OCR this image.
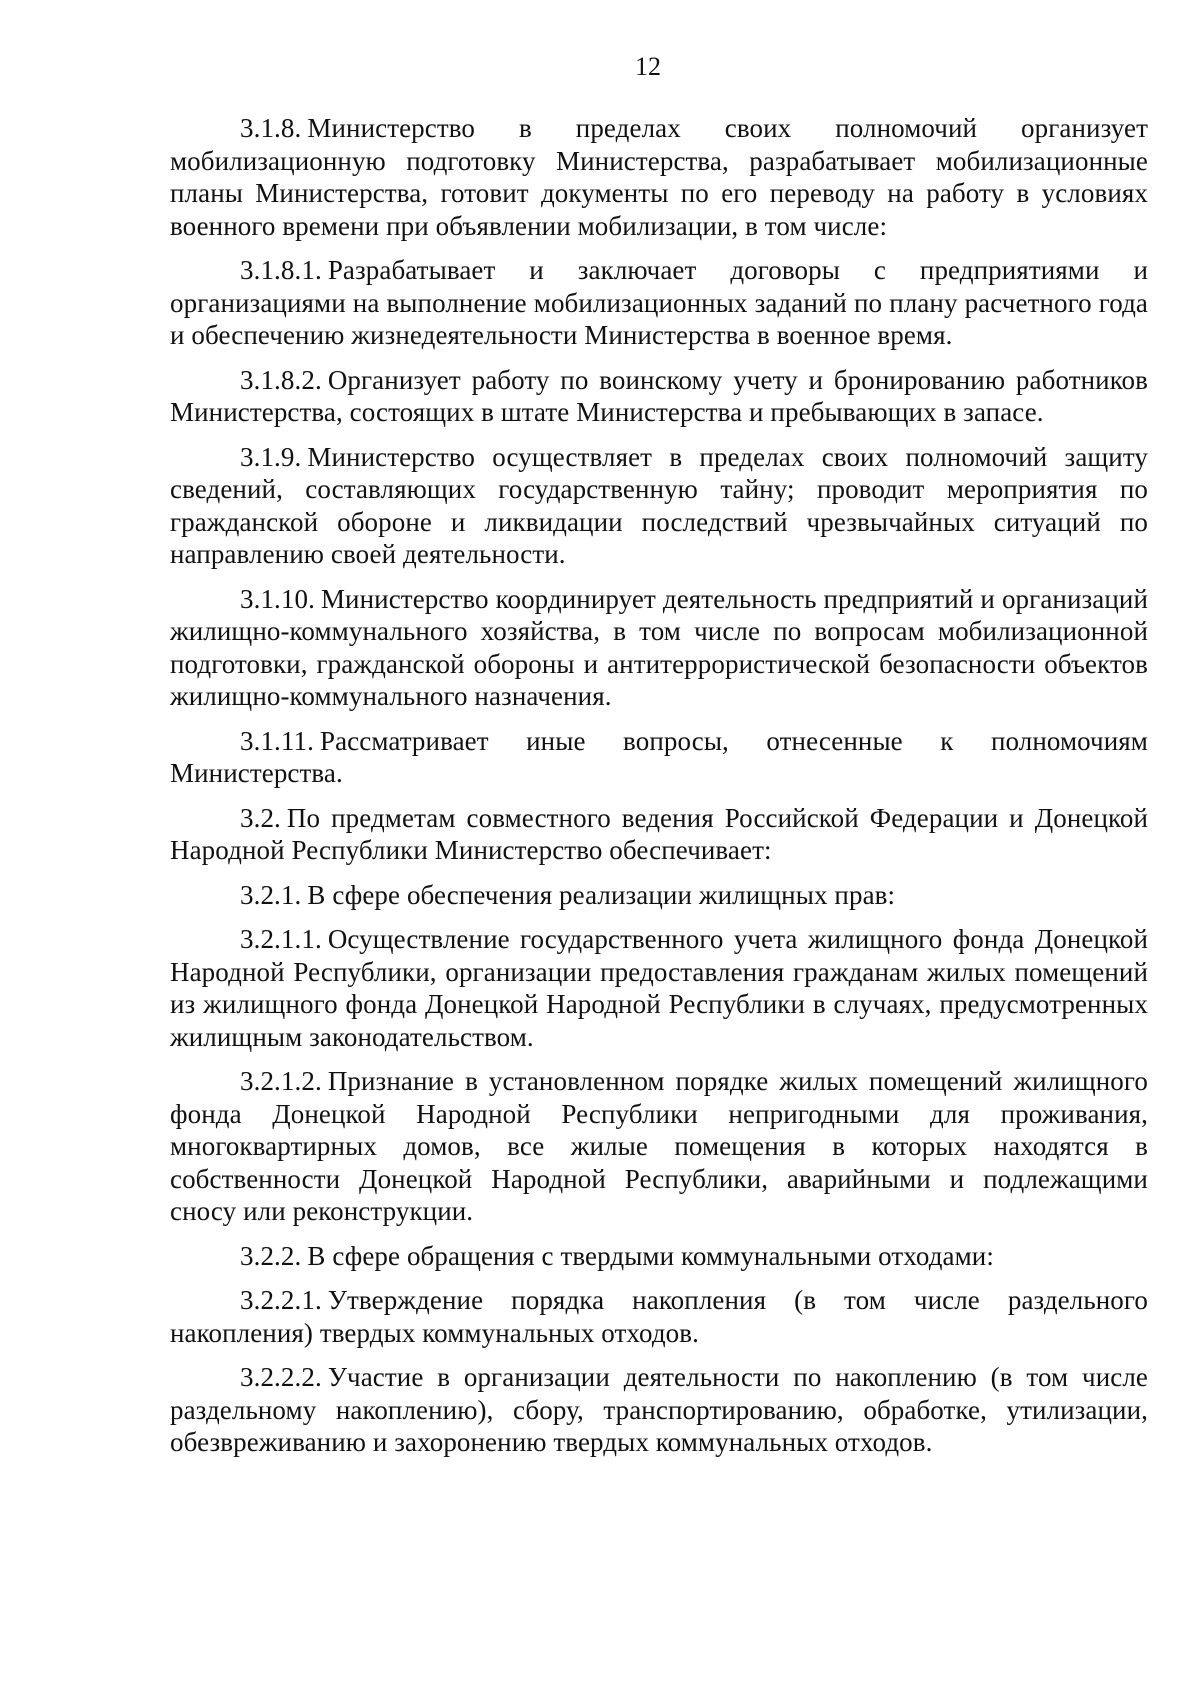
12

3.1.8. Министерство в пределах своих полномочий организует мобилизационную подготовку Министерства, разрабатывает мобилизационные планы Министерства, готовит документы по его переводу на работу в условиях военного времени при объявлении мобилизации, в том числе:

3.1.8.1. Разрабатывает и заключает договоры с предприятиями и организациями на выполнение мобилизационных заданий по плану расчетного года и обеспечению жизнедеятельности Министерства в военное время.

3.1.8.2. Организует работу по воинскому учету и бронированию работников Министерства, состоящих в штате Министерства и пребывающих в запасе.

3.1.9. Министерство осуществляет в пределах своих полномочий защиту сведений, составляющих государственную тайну; проводит мероприятия по гражданской обороне и ликвидации последствий чрезвычайных ситуаций по направлению своей деятельности.

3.1.10. Министерство координирует деятельность предприятий и организаций жилищно-коммунального хозяйства, в том числе по вопросам мобилизационной подготовки, гражданской обороны и антитеррористической безопасности объектов жилищно-коммунального назначения.

3.1.11. Рассматривает иные вопросы, отнесенные к полномочиям Министерства.

3.2. По предметам совместного ведения Российской Федерации и Донецкой Народной Республики Министерство обеспечивает:

3.2.1. В сфере обеспечения реализации жилищных прав:

3.2.1.1. Осуществление государственного учета жилищного фонда Донецкой Народной Республики, организации предоставления гражданам жилых помещений из жилищного фонда Донецкой Народной Республики в случаях, предусмотренных жилищным законодательством.

3.2.1.2. Признание в установленном порядке жилых помещений жилищного фонда Донецкой Народной Республики непригодными для проживания, многоквартирных домов, все жилые помещения в которых находятся в собственности Донецкой Народной Республики, аварийными и подлежащими сносу или реконструкции.

3.2.2. В сфере обращения с твердыми коммунальными отходами:

3.2.2.1. Утверждение порядка накопления (в том числе раздельного накопления) твердых коммунальных отходов.

3.2.2.2. Участие в организации деятельности по накоплению (в том числе раздельному накоплению), сбору, транспортированию, обработке, утилизации, обезвреживанию и захоронению твердых коммунальных отходов.
